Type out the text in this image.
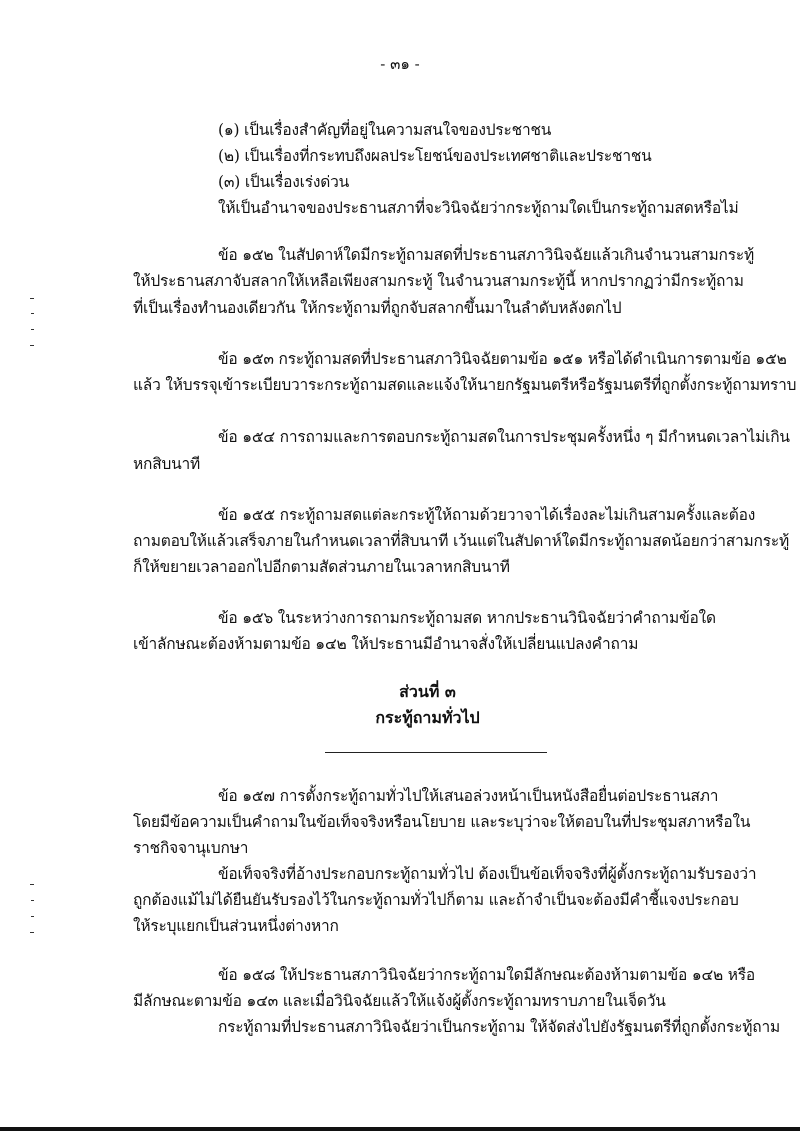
- ๓๑ -
(๑) เป็นเรื่องสำคัญที่อยู่ในความสนใจของประชาชน
(๒) เป็นเรื่องที่กระทบถึงผลประโยชน์ของประเทศชาติและประชาชน
(๓) เป็นเรื่องเร่งด่วน
ให้เป็นอำนาจของประธานสภาที่จะวินิจฉัยว่ากระทู้ถามใดเป็นกระทู้ถามสดหรือไม่
ข้อ ๑๕๒ ในสัปดาห์ใดมีกระทู้ถามสดที่ประธานสภาวินิจฉัยแล้วเกินจำนวนสามกระทู้
ให้ประธานสภาจับสลากให้เหลือเพียงสามกระทู้ ในจำนวนสามกระทู้นี้ หากปรากฏว่ามีกระทู้ถาม
ที่เป็นเรื่องทำนองเดียวกัน ให้กระทู้ถามที่ถูกจับสลากขึ้นมาในลำดับหลังตกไป
ข้อ ๑๕๓ กระทู้ถามสดที่ประธานสภาวินิจฉัยตามข้อ ๑๕๑ หรือได้ดำเนินการตามข้อ ๑๕๒
แล้ว ให้บรรจุเข้าระเบียบวาระกระทู้ถามสดและแจ้งให้นายกรัฐมนตรีหรือรัฐมนตรีที่ถูกตั้งกระทู้ถามทราบ
ข้อ ๑๕๔ การถามและการตอบกระทู้ถามสดในการประชุมครั้งหนึ่ง ๆ มีกำหนดเวลาไม่เกิน
หกสิบนาที
ข้อ ๑๕๕ กระทู้ถามสดแต่ละกระทู้ให้ถามด้วยวาจาได้เรื่องละไม่เกินสามครั้งและต้อง
ถามตอบให้แล้วเสร็จภายในกำหนดเวลาที่สิบนาที เว้นแต่ในสัปดาห์ใดมีกระทู้ถามสดน้อยกว่าสามกระทู้
ก็ให้ขยายเวลาออกไปอีกตามสัดส่วนภายในเวลาหกสิบนาที
ข้อ ๑๕๖ ในระหว่างการถามกระทู้ถามสด หากประธานวินิจฉัยว่าคำถามข้อใด
เข้าลักษณะต้องห้ามตามข้อ ๑๔๒ ให้ประธานมีอำนาจสั่งให้เปลี่ยนแปลงคำถาม
ส่วนที่ ๓
กระทู้ถามทั่วไป
ข้อ ๑๕๗ การตั้งกระทู้ถามทั่วไปให้เสนอล่วงหน้าเป็นหนังสือยื่นต่อประธานสภา
โดยมีข้อความเป็นคำถามในข้อเท็จจริงหรือนโยบาย และระบุว่าจะให้ตอบในที่ประชุมสภาหรือใน
ราชกิจจานุเบกษา
ข้อเท็จจริงที่อ้างประกอบกระทู้ถามทั่วไป ต้องเป็นข้อเท็จจริงที่ผู้ตั้งกระทู้ถามรับรองว่า
ถูกต้องแม้ไม่ได้ยืนยันรับรองไว้ในกระทู้ถามทั่วไปก็ตาม และถ้าจำเป็นจะต้องมีคำชี้แจงประกอบ
ให้ระบุแยกเป็นส่วนหนึ่งต่างหาก
ข้อ ๑๕๘ ให้ประธานสภาวินิจฉัยว่ากระทู้ถามใดมีลักษณะต้องห้ามตามข้อ ๑๔๒ หรือ
มีลักษณะตามข้อ ๑๔๓ และเมื่อวินิจฉัยแล้วให้แจ้งผู้ตั้งกระทู้ถามทราบภายในเจ็ดวัน
กระทู้ถามที่ประธานสภาวินิจฉัยว่าเป็นกระทู้ถาม ให้จัดส่งไปยังรัฐมนตรีที่ถูกตั้งกระทู้ถาม
